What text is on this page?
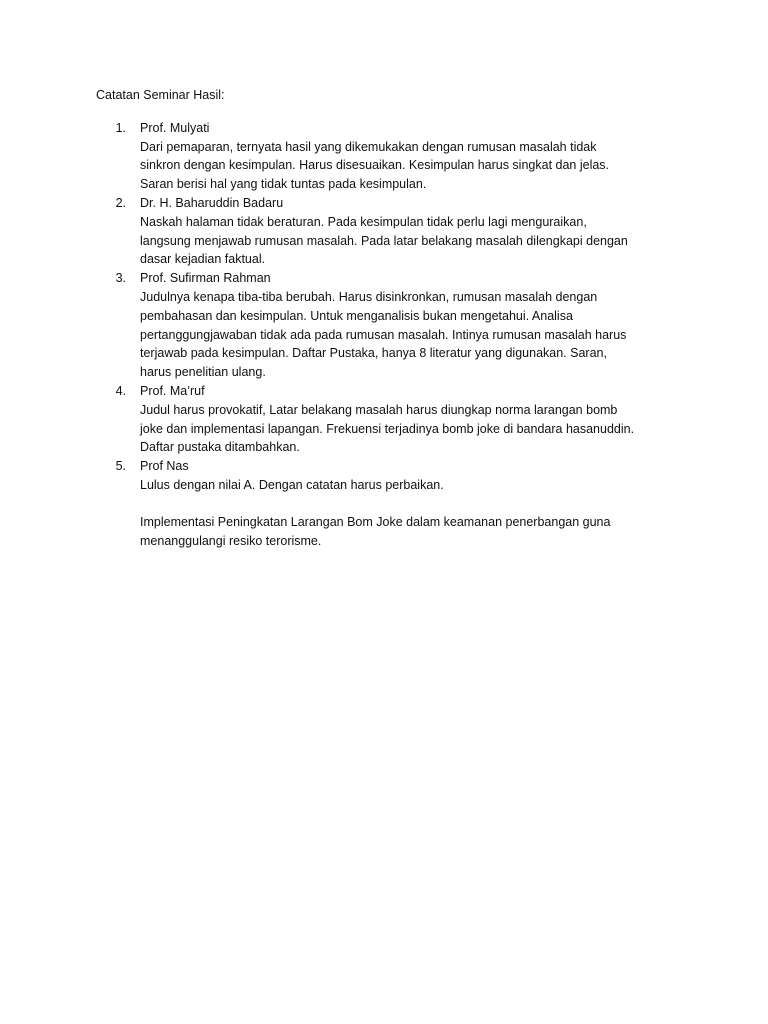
Catatan Seminar Hasil:

1. Prof. Mulyati
Dari pemaparan, ternyata hasil yang dikemukakan dengan rumusan masalah tidak sinkron dengan kesimpulan. Harus disesuaikan. Kesimpulan harus singkat dan jelas. Saran berisi hal yang tidak tuntas pada kesimpulan.
2. Dr. H. Baharuddin Badaru
Naskah halaman tidak beraturan. Pada kesimpulan tidak perlu lagi menguraikan, langsung menjawab rumusan masalah. Pada latar belakang masalah dilengkapi dengan dasar kejadian faktual.
3. Prof. Sufirman Rahman
Judulnya kenapa tiba-tiba berubah. Harus disinkronkan, rumusan masalah dengan pembahasan dan kesimpulan. Untuk menganalisis bukan mengetahui. Analisa pertanggungjawaban tidak ada pada rumusan masalah. Intinya rumusan masalah harus terjawab pada kesimpulan. Daftar Pustaka, hanya 8 literatur yang digunakan. Saran, harus penelitian ulang.
4. Prof. Ma’ruf
Judul harus provokatif, Latar belakang masalah harus diungkap norma larangan bomb joke dan implementasi lapangan. Frekuensi terjadinya bomb joke di bandara hasanuddin. Daftar pustaka ditambahkan.
5. Prof Nas
Lulus dengan nilai A. Dengan catatan harus perbaikan.

Implementasi Peningkatan Larangan Bom Joke dalam keamanan penerbangan guna menanggulangi resiko terorisme.
